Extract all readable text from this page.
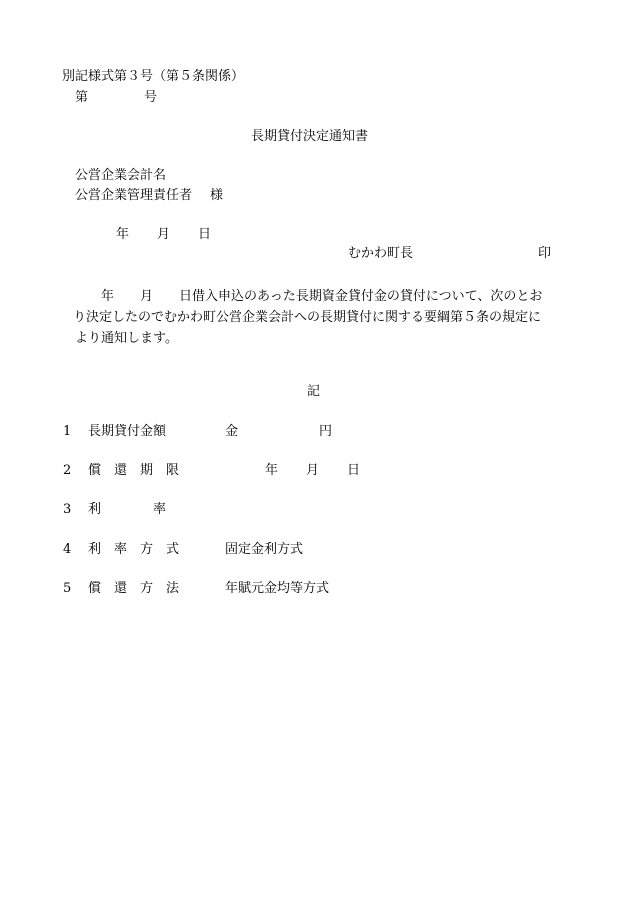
別記様式第３号（第５条関係）
第	号
長期貸付決定通知書
公営企業会計名
公営企業管理責任者 様
年 月 日
むかわ町長	印
年　　月　　日借入申込のあった長期資金貸付金の貸付について、次のとお
り決定したのでむかわ町公営企業会計への長期貸付に関する要綱第５条の規定に
より通知します。
記
1 長期貸付金額	金	円
2 償　還　期　限	年 月 日
3 利　　　　率
4 利　率　方　式	固定金利方式
5 償　還　方　法	年賦元金均等方式
